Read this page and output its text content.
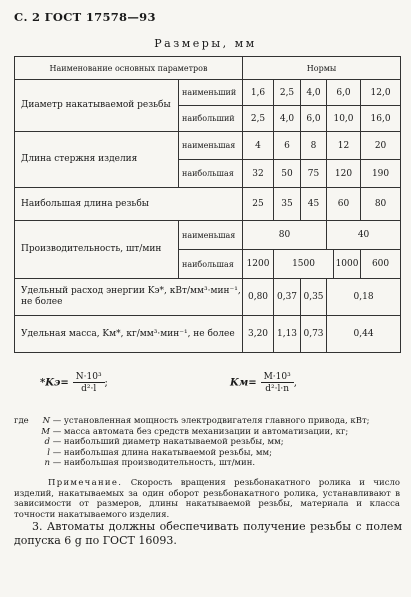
С. 2 ГОСТ 17578—93
Размеры, мм
Наименование основных параметров		Нормы					
Диаметр накатываемой резьбы	наименьший	1,6	2,5	4,0	6,0		12,0
	наибольший	2,5	4,0	6,0	10,0		16,0
Длина стержня изделия	наименьшая	4	6	8	12		20
	наибольшая	32	50	75	120		190
Наибольшая длина резьбы		25	35	45	60		80
Производительность, шт/мин	наименьшая	80			40		
	наибольшая	1200	1500			1000	600
Удельный расход энергии Kэ*, кВт/мм³·мин⁻¹, не более		0,80	0,37	0,35	0,18		
Удельная масса, Kм*, кг/мм³·мин⁻¹, не более		3,20	1,13	0,73	0,44		
$*Kэ= \frac{\text{N·10³}}{\text{d²·l}}$ ;	$Kм= \frac{\text{M·10³}}{\text{d²·l·n}}$ ,
где N — установленная мощность электродвигателя главного привода, кВт;
M — масса автомата без средств механизации и автоматизации, кг;
d — наибольший диаметр накатываемой резьбы, мм;
l — наибольшая длина накатываемой резьбы, мм;
n — наибольшая производительность, шт/мин.
Примечание. Скорость вращения резьбонакатного ролика и число изделий, накатываемых за один оборот резьбонакатного ролика, устанавливают в зависимости от размеров, длины накатываемой резьбы, материала и класса точности накатываемого изделия.
3. Автоматы должны обеспечивать получение резьбы с полем допуска 6 g по ГОСТ 16093.
